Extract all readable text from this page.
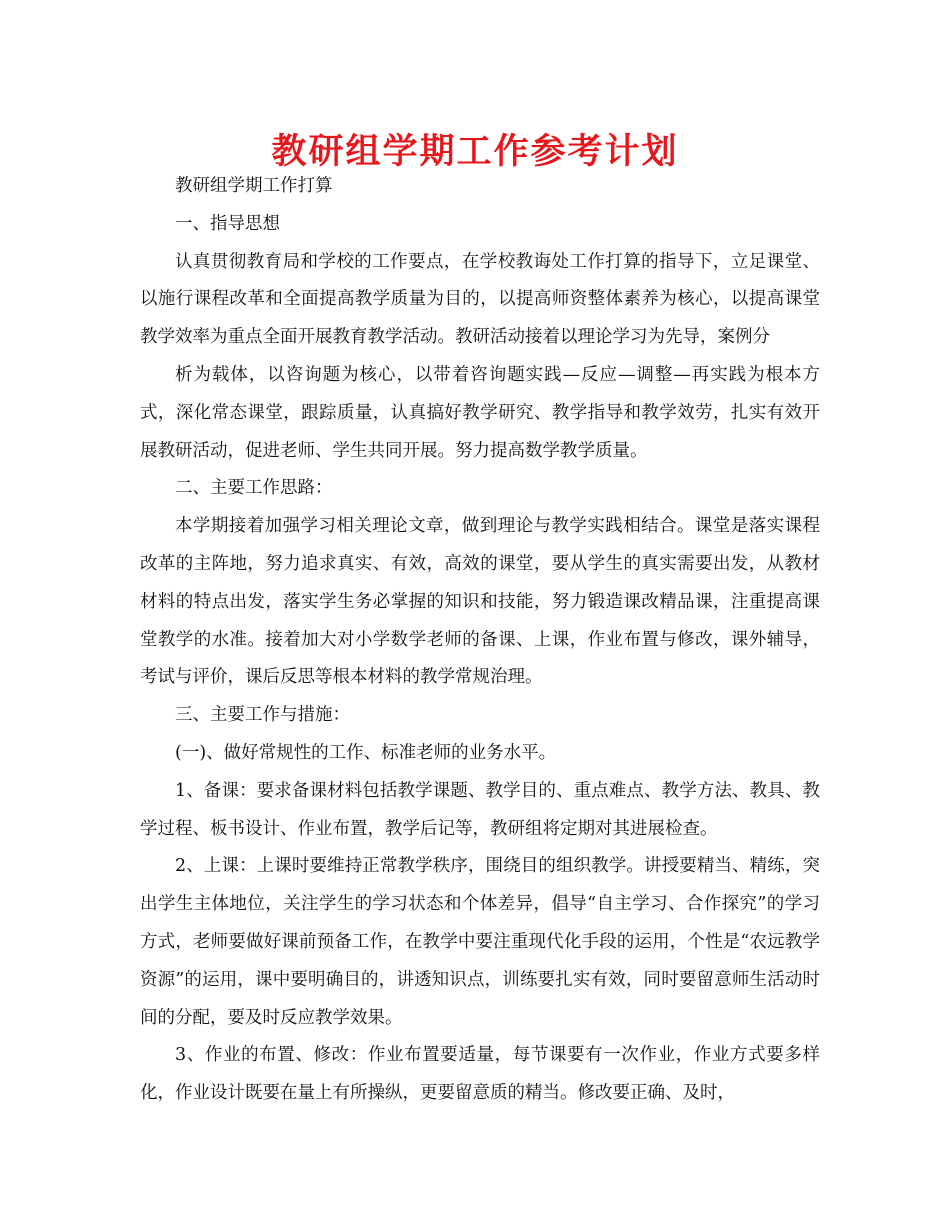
教研组学期工作参考计划

教研组学期工作打算

一、指导思想

认真贯彻教育局和学校的工作要点，在学校教诲处工作打算的指导下，立足课堂、以施行课程改革和全面提高教学质量为目的，以提高师资整体素养为核心，以提高课堂教学效率为重点全面开展教育教学活动。教研活动接着以理论学习为先导，案例分

析为载体，以咨询题为核心，以带着咨询题实践—反应—调整—再实践为根本方式，深化常态课堂，跟踪质量，认真搞好教学研究、教学指导和教学效劳，扎实有效开展教研活动，促进老师、学生共同开展。努力提高数学教学质量。

二、主要工作思路：

本学期接着加强学习相关理论文章，做到理论与教学实践相结合。课堂是落实课程改革的主阵地，努力追求真实、有效，高效的课堂，要从学生的真实需要出发，从教材材料的特点出发，落实学生务必掌握的知识和技能，努力锻造课改精品课，注重提高课堂教学的水准。接着加大对小学数学老师的备课、上课，作业布置与修改，课外辅导，考试与评价，课后反思等根本材料的教学常规治理。

三、主要工作与措施：

(一)、做好常规性的工作、标准老师的业务水平。

1、备课：要求备课材料包括教学课题、教学目的、重点难点、教学方法、教具、教学过程、板书设计、作业布置，教学后记等，教研组将定期对其进展检查。

2、上课：上课时要维持正常教学秩序，围绕目的组织教学。讲授要精当、精练，突出学生主体地位，关注学生的学习状态和个体差异，倡导“自主学习、合作探究”的学习方式，老师要做好课前预备工作，在教学中要注重现代化手段的运用，个性是“农远教学资源”的运用，课中要明确目的，讲透知识点，训练要扎实有效，同时要留意师生活动时间的分配，要及时反应教学效果。

3、作业的布置、修改：作业布置要适量，每节课要有一次作业，作业方式要多样化，作业设计既要在量上有所操纵，更要留意质的精当。修改要正确、及时，
